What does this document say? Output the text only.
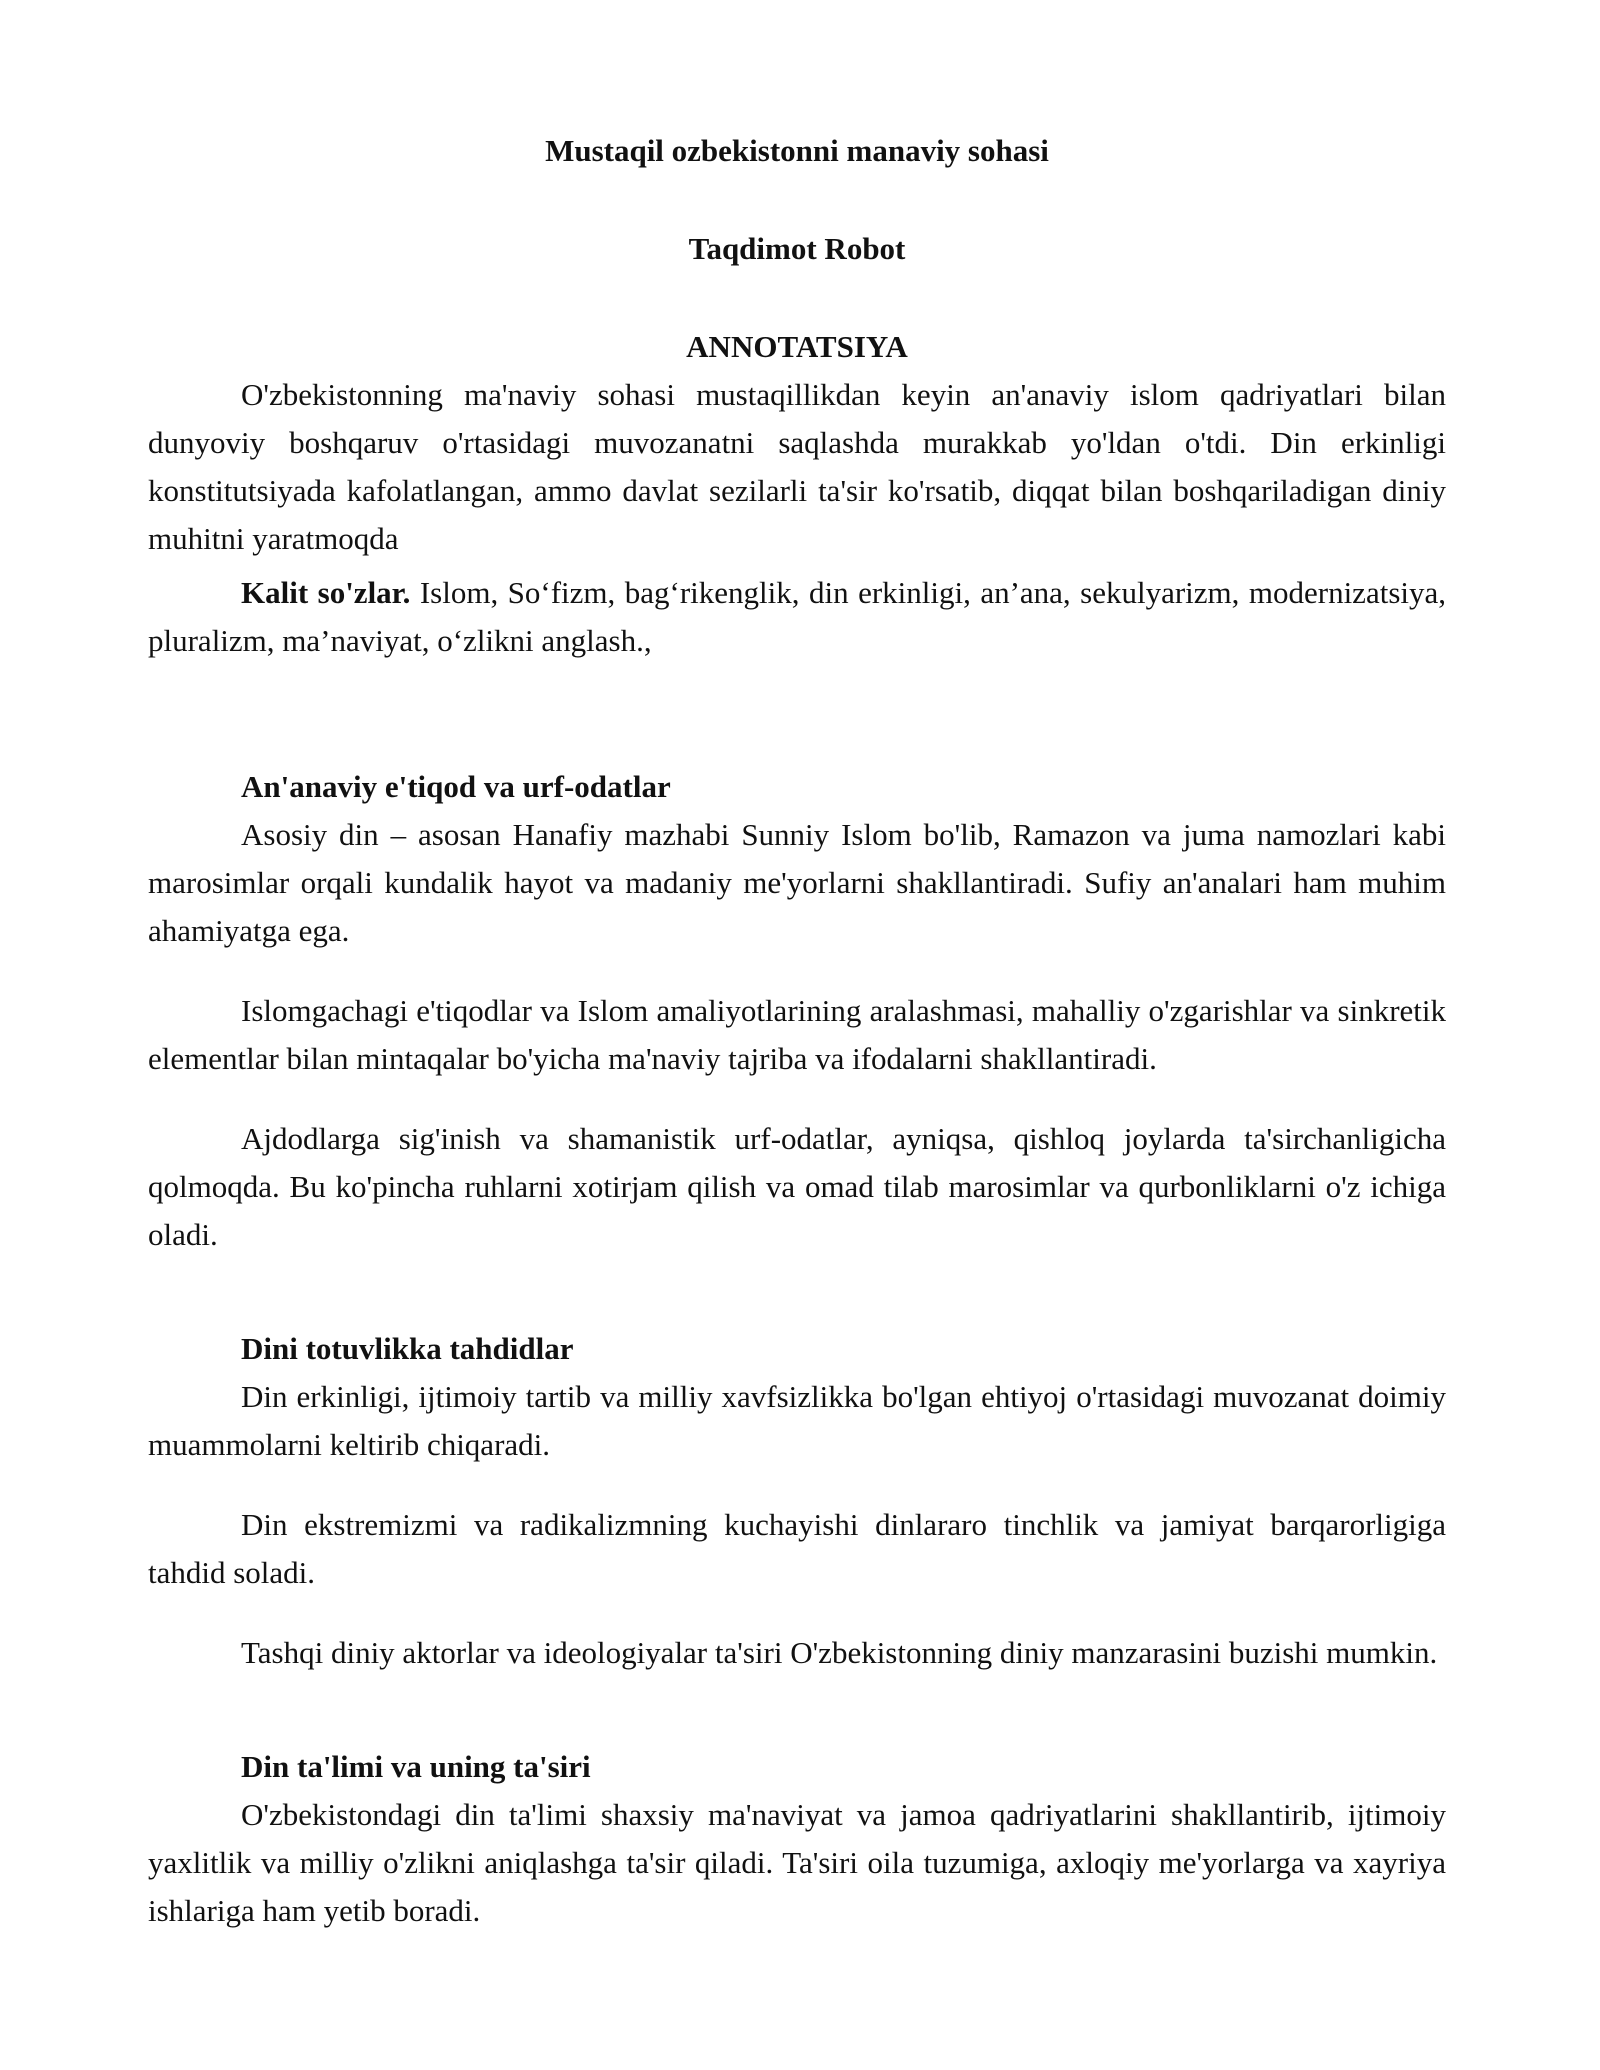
Mustaqil ozbekistonni manaviy sohasi
Taqdimot Robot
ANNOTATSIYA

O'zbekistonning ma'naviy sohasi mustaqillikdan keyin an'anaviy islom qadriyatlari bilan dunyoviy boshqaruv o'rtasidagi muvozanatni saqlashda murakkab yo'ldan o'tdi. Din erkinligi konstitutsiyada kafolatlangan, ammo davlat sezilarli ta'sir ko'rsatib, diqqat bilan boshqariladigan diniy muhitni yaratmoqda

Kalit so'zlar. Islom, So‘fizm, bag‘rikenglik, din erkinligi, an’ana, sekulyarizm, modernizatsiya, pluralizm, ma’naviyat, o‘zlikni anglash.,

An'anaviy e'tiqod va urf-odatlar

Asosiy din – asosan Hanafiy mazhabi Sunniy Islom bo'lib, Ramazon va juma namozlari kabi marosimlar orqali kundalik hayot va madaniy me'yorlarni shakllantiradi. Sufiy an'analari ham muhim ahamiyatga ega.

Islomgachagi e'tiqodlar va Islom amaliyotlarining aralashmasi, mahalliy o'zgarishlar va sinkretik elementlar bilan mintaqalar bo'yicha ma'naviy tajriba va ifodalarni shakllantiradi.

Ajdodlarga sig'inish va shamanistik urf-odatlar, ayniqsa, qishloq joylarda ta'sirchanligicha qolmoqda. Bu ko'pincha ruhlarni xotirjam qilish va omad tilab marosimlar va qurbonliklarni o'z ichiga oladi.

Dini totuvlikka tahdidlar

Din erkinligi, ijtimoiy tartib va milliy xavfsizlikka bo'lgan ehtiyoj o'rtasidagi muvozanat doimiy muammolarni keltirib chiqaradi.

Din ekstremizmi va radikalizmning kuchayishi dinlararo tinchlik va jamiyat barqarorligiga tahdid soladi.

Tashqi diniy aktorlar va ideologiyalar ta'siri O'zbekistonning diniy manzarasini buzishi mumkin.

Din ta'limi va uning ta'siri

O'zbekistondagi din ta'limi shaxsiy ma'naviyat va jamoa qadriyatlarini shakllantirib, ijtimoiy yaxlitlik va milliy o'zlikni aniqlashga ta'sir qiladi. Ta'siri oila tuzumiga, axloqiy me'yorlarga va xayriya ishlariga ham yetib boradi.
